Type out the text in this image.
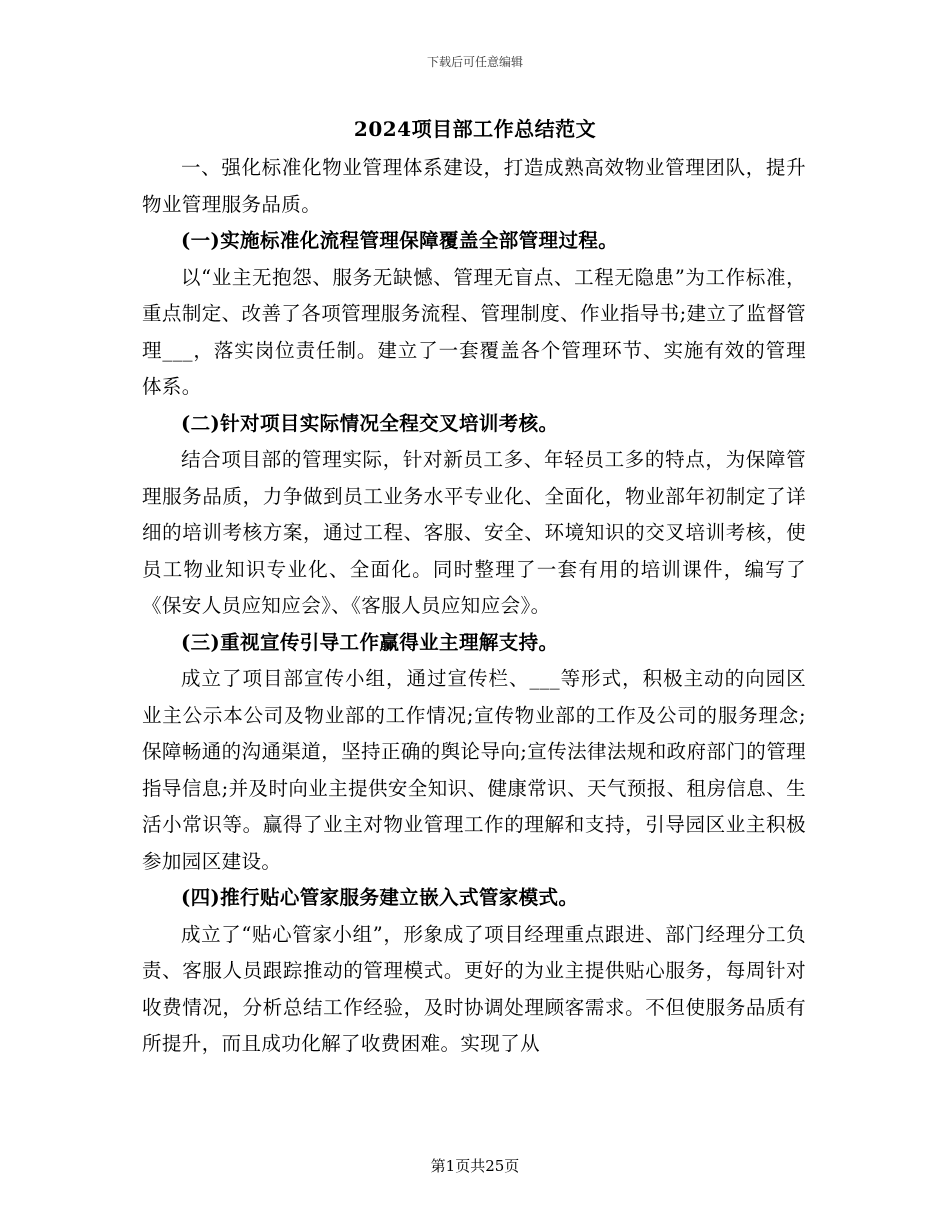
下载后可任意编辑
2024项目部工作总结范文

一、强化标准化物业管理体系建设，打造成熟高效物业管理团队，提升物业管理服务品质。

(一)实施标准化流程管理保障覆盖全部管理过程。

以“业主无抱怨、服务无缺憾、管理无盲点、工程无隐患”为工作标准，重点制定、改善了各项管理服务流程、管理制度、作业指导书;建立了监督管理___，落实岗位责任制。建立了一套覆盖各个管理环节、实施有效的管理体系。

(二)针对项目实际情况全程交叉培训考核。

结合项目部的管理实际，针对新员工多、年轻员工多的特点，为保障管理服务品质，力争做到员工业务水平专业化、全面化，物业部年初制定了详细的培训考核方案，通过工程、客服、安全、环境知识的交叉培训考核，使员工物业知识专业化、全面化。同时整理了一套有用的培训课件，编写了《保安人员应知应会》、《客服人员应知应会》。

(三)重视宣传引导工作赢得业主理解支持。

成立了项目部宣传小组，通过宣传栏、___等形式，积极主动的向园区业主公示本公司及物业部的工作情况;宣传物业部的工作及公司的服务理念;保障畅通的沟通渠道，坚持正确的舆论导向;宣传法律法规和政府部门的管理指导信息;并及时向业主提供安全知识、健康常识、天气预报、租房信息、生活小常识等。赢得了业主对物业管理工作的理解和支持，引导园区业主积极参加园区建设。

(四)推行贴心管家服务建立嵌入式管家模式。

成立了“贴心管家小组”，形象成了项目经理重点跟进、部门经理分工负责、客服人员跟踪推动的管理模式。更好的为业主提供贴心服务，每周针对收费情况，分析总结工作经验，及时协调处理顾客需求。不但使服务品质有所提升，而且成功化解了收费困难。实现了从

第1页共25页
